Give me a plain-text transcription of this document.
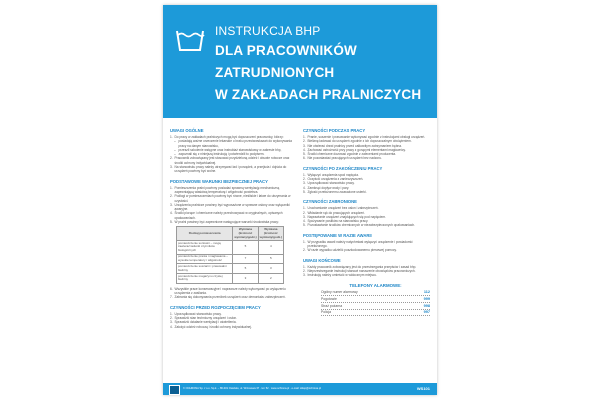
INSTRUKCJA BHP
DLA PRACOWNIKÓW
ZATRUDNIONYCH
W ZAKŁADACH PRALNICZYCH
UWAGI OGÓLNE
1. Do pracy w zakładach pralniczych mogą być dopuszczeni pracownicy, którzy:
– posiadają ważne orzeczenie lekarskie o braku przeciwwskazań do wykonywania pracy na danym stanowisku,
– przeszli szkolenie wstępne oraz instruktaż stanowiskowy w zakresie bhp,
– zapoznali się z niniejszą instrukcją i potwierdzili to podpisem.
2. Pracownik zobowiązany jest stosować przydzieloną odzież i obuwie robocze oraz środki ochrony indywidualnej.
3. Na stanowisku pracy należy utrzymywać ład i porządek, a przejścia i dojścia do urządzeń powinny być wolne.
PODSTAWOWE WARUNKI BEZPIECZNEJ PRACY
1. Pomieszczenia pralni powinny posiadać sprawną wentylację mechaniczną zapewniającą właściwą temperaturę i wilgotność powietrza.
2. Podłogi w pomieszczeniach powinny być równe, nieśliskie i łatwe do utrzymania w czystości.
3. Urządzenia pralnicze powinny być wyposażone w sprawne osłony oraz wyłączniki awaryjne.
4. Środki piorące i chemiczne należy przechowywać w oryginalnych, opisanych opakowaniach.
5. W pralni powinny być zapewnione następujące warunki środowiska pracy:
Rodzaj pomieszczenia	Wymiana (krotność wymiany/godz.)	Wymiana (krotność wymiany/godz.)
pomieszczenie sortowni – mogą zawierać ładunki czynników biologicznych	5	4
pomieszczenie prania i maglowania – wysokie temperatury i wilgotność	7	5
pomieszczenie suszarni i prasowalni bielizny	5	3
pomieszczenie magazynu czystej bielizny	3	2
6. Wszystkie prace konserwacyjne i naprawcze należy wykonywać po wyłączeniu urządzenia z zasilania.
7. Zabrania się dokonywania przeróbek urządzeń oraz demontażu zabezpieczeń.
CZYNNOŚCI PRZED ROZPOCZĘCIEM PRACY
1. Uporządkować stanowisko pracy.
2. Sprawdzić stan techniczny urządzeń i osłon.
3. Sprawdzić działanie wentylacji i oświetlenia.
4. Założyć odzież roboczą i środki ochrony indywidualnej.
CZYNNOŚCI PODCZAS PRACY
1. Pranie, suszenie i prasowanie wykonywać zgodnie z instrukcjami obsługi urządzeń.
2. Bieliznę ładować do urządzeń zgodnie z ich dopuszczalnym obciążeniem.
3. Nie otwierać drzwi pralnicy przed całkowitym zatrzymaniem bębna.
4. Zachować ostrożność przy pracy z gorącymi elementami maglownicy.
5. Środki chemiczne dozować zgodnie z zaleceniami producenta.
6. Nie pozostawiać pracujących urządzeń bez nadzoru.
CZYNNOŚCI PO ZAKOŃCZENIU PRACY
1. Wyłączyć urządzenia spod napięcia.
2. Oczyścić urządzenia z zanieczyszczeń.
3. Uporządkować stanowisko pracy.
4. Zamknąć dopływ wody i pary.
5. Zgłosić przełożonemu zauważone usterki.
CZYNNOŚCI ZABRONIONE
1. Uruchamianie urządzeń bez osłon i zabezpieczeń.
2. Wkładanie rąk do pracujących urządzeń.
3. Naprawianie urządzeń znajdujących się pod napięciem.
4. Spożywanie posiłków na stanowisku pracy.
5. Pozostawianie środków chemicznych w niezabezpieczonych opakowaniach.
POSTĘPOWANIE W RAZIE AWARII
1. W przypadku awarii należy natychmiast wyłączyć urządzenie i powiadomić przełożonego.
2. W razie wypadku udzielić poszkodowanemu pierwszej pomocy.
UWAGI KOŃCOWE
1. Każdy pracownik zobowiązany jest do przestrzegania przepisów i zasad bhp.
2. Nieprzestrzeganie instrukcji stanowi naruszenie obowiązków pracowniczych.
3. Instrukcję należy umieścić w widocznym miejscu.
TELEFONY ALARMOWE:
Ogólny numer alarmowy	112
Pogotowie	999
Straż pożarna	998
Policja	997
© OCHRONA Sp. z o.o. Sp.k. – 86-031 Osielsko, ul. Wrzosowa 37 · tel. 52 · www.ochrona.pl · e-mail: sklep@ochrona.pl	WS101
